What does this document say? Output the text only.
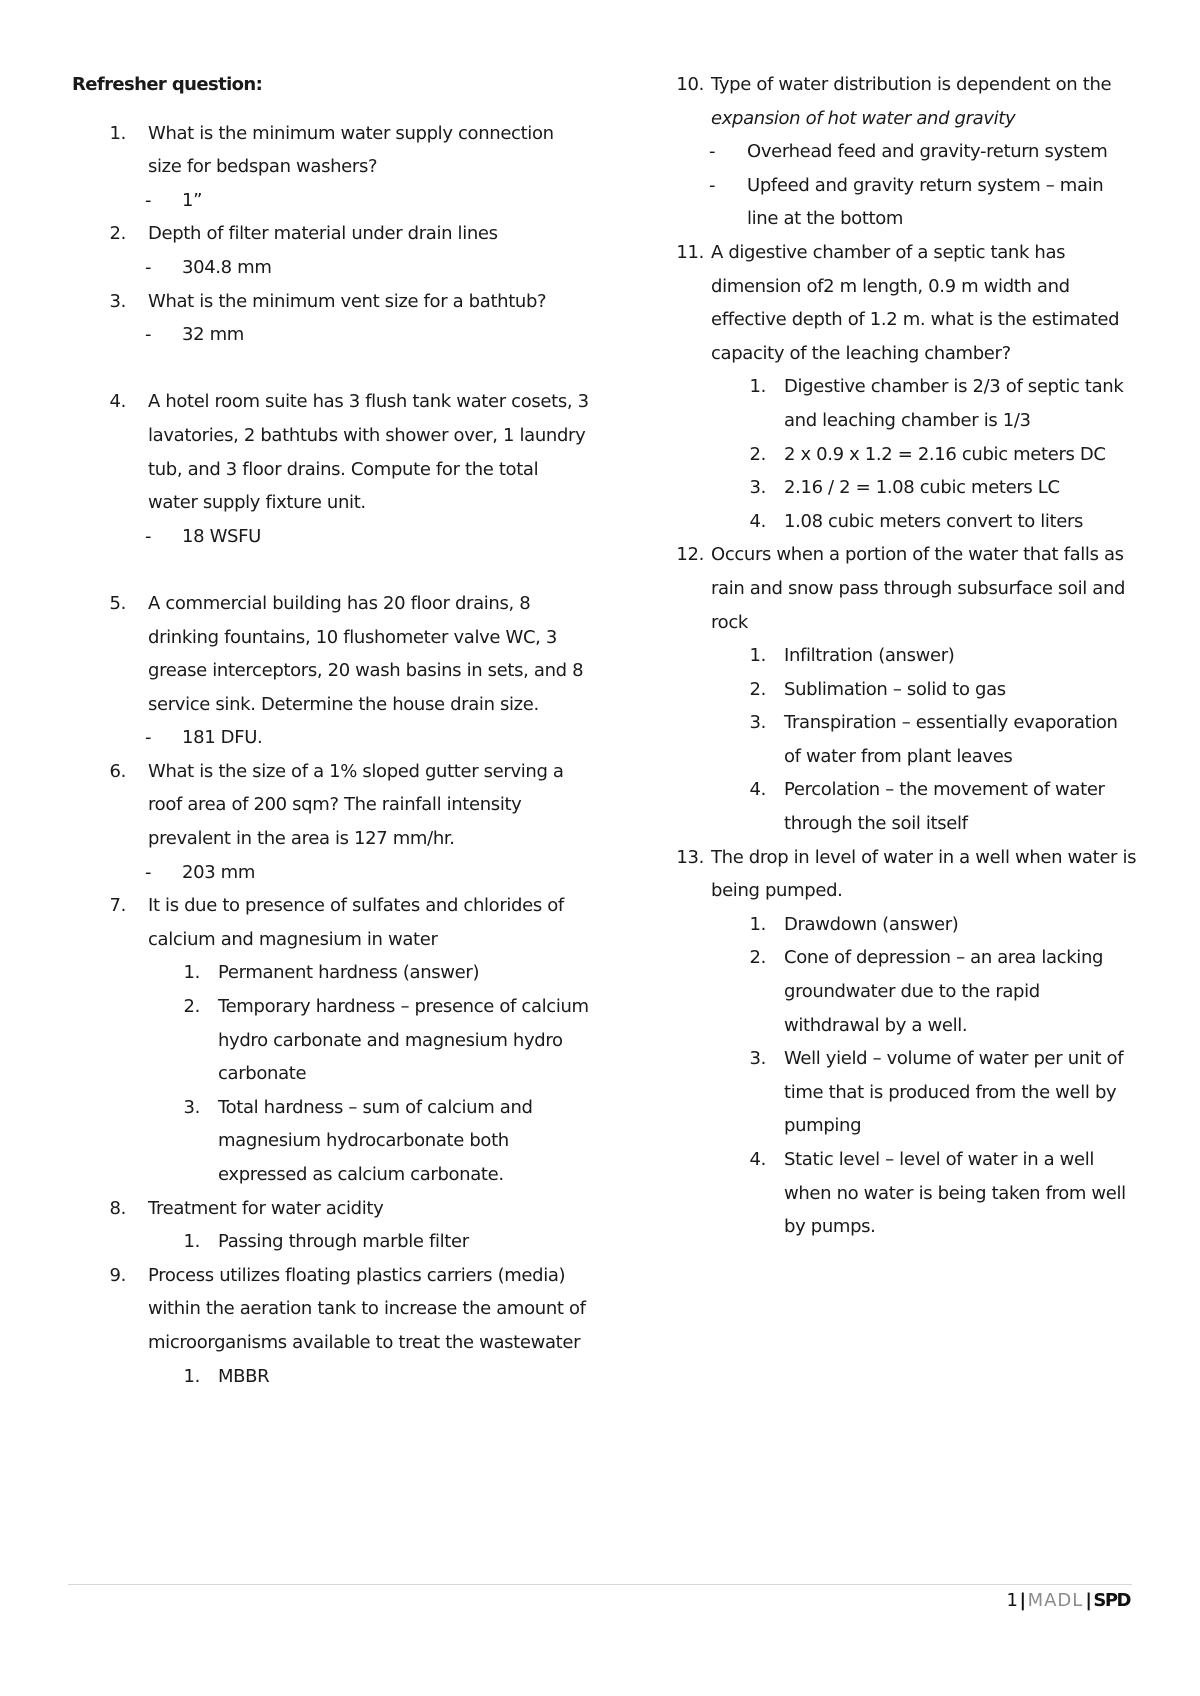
Refresher question:
1. What is the minimum water supply connection size for bedspan washers?
- 1”
2. Depth of filter material under drain lines
- 304.8 mm
3. What is the minimum vent size for a bathtub?
- 32 mm
4. A hotel room suite has 3 flush tank water cosets, 3 lavatories, 2 bathtubs with shower over, 1 laundry tub, and 3 floor drains. Compute for the total water supply fixture unit.
- 18 WSFU
5. A commercial building has 20 floor drains, 8 drinking fountains, 10 flushometer valve WC, 3 grease interceptors, 20 wash basins in sets, and 8 service sink. Determine the house drain size.
- 181 DFU.
6. What is the size of a 1% sloped gutter serving a roof area of 200 sqm? The rainfall intensity prevalent in the area is 127 mm/hr.
- 203 mm
7. It is due to presence of sulfates and chlorides of calcium and magnesium in water
1. Permanent hardness (answer)
2. Temporary hardness – presence of calcium hydro carbonate and magnesium hydro carbonate
3. Total hardness – sum of calcium and magnesium hydrocarbonate both expressed as calcium carbonate.
8. Treatment for water acidity
1. Passing through marble filter
9. Process utilizes floating plastics carriers (media) within the aeration tank to increase the amount of microorganisms available to treat the wastewater
1. MBBR
10. Type of water distribution is dependent on the
expansion of hot water and gravity
- Overhead feed and gravity-return system
- Upfeed and gravity return system – main line at the bottom
11. A digestive chamber of a septic tank has dimension of2 m length, 0.9 m width and effective depth of 1.2 m. what is the estimated capacity of the leaching chamber?
1. Digestive chamber is 2/3 of septic tank and leaching chamber is 1/3
2. 2 x 0.9 x 1.2 = 2.16 cubic meters DC
3. 2.16 / 2 = 1.08 cubic meters LC
4. 1.08 cubic meters convert to liters
12. Occurs when a portion of the water that falls as rain and snow pass through subsurface soil and rock
1. Infiltration (answer)
2. Sublimation – solid to gas
3. Transpiration – essentially evaporation of water from plant leaves
4. Percolation – the movement of water through the soil itself
13. The drop in level of water in a well when water is being pumped.
1. Drawdown (answer)
2. Cone of depression – an area lacking groundwater due to the rapid withdrawal by a well.
3. Well yield – volume of water per unit of time that is produced from the well by pumping
4. Static level – level of water in a well when no water is being taken from well by pumps.
1 | MADL | SPD
